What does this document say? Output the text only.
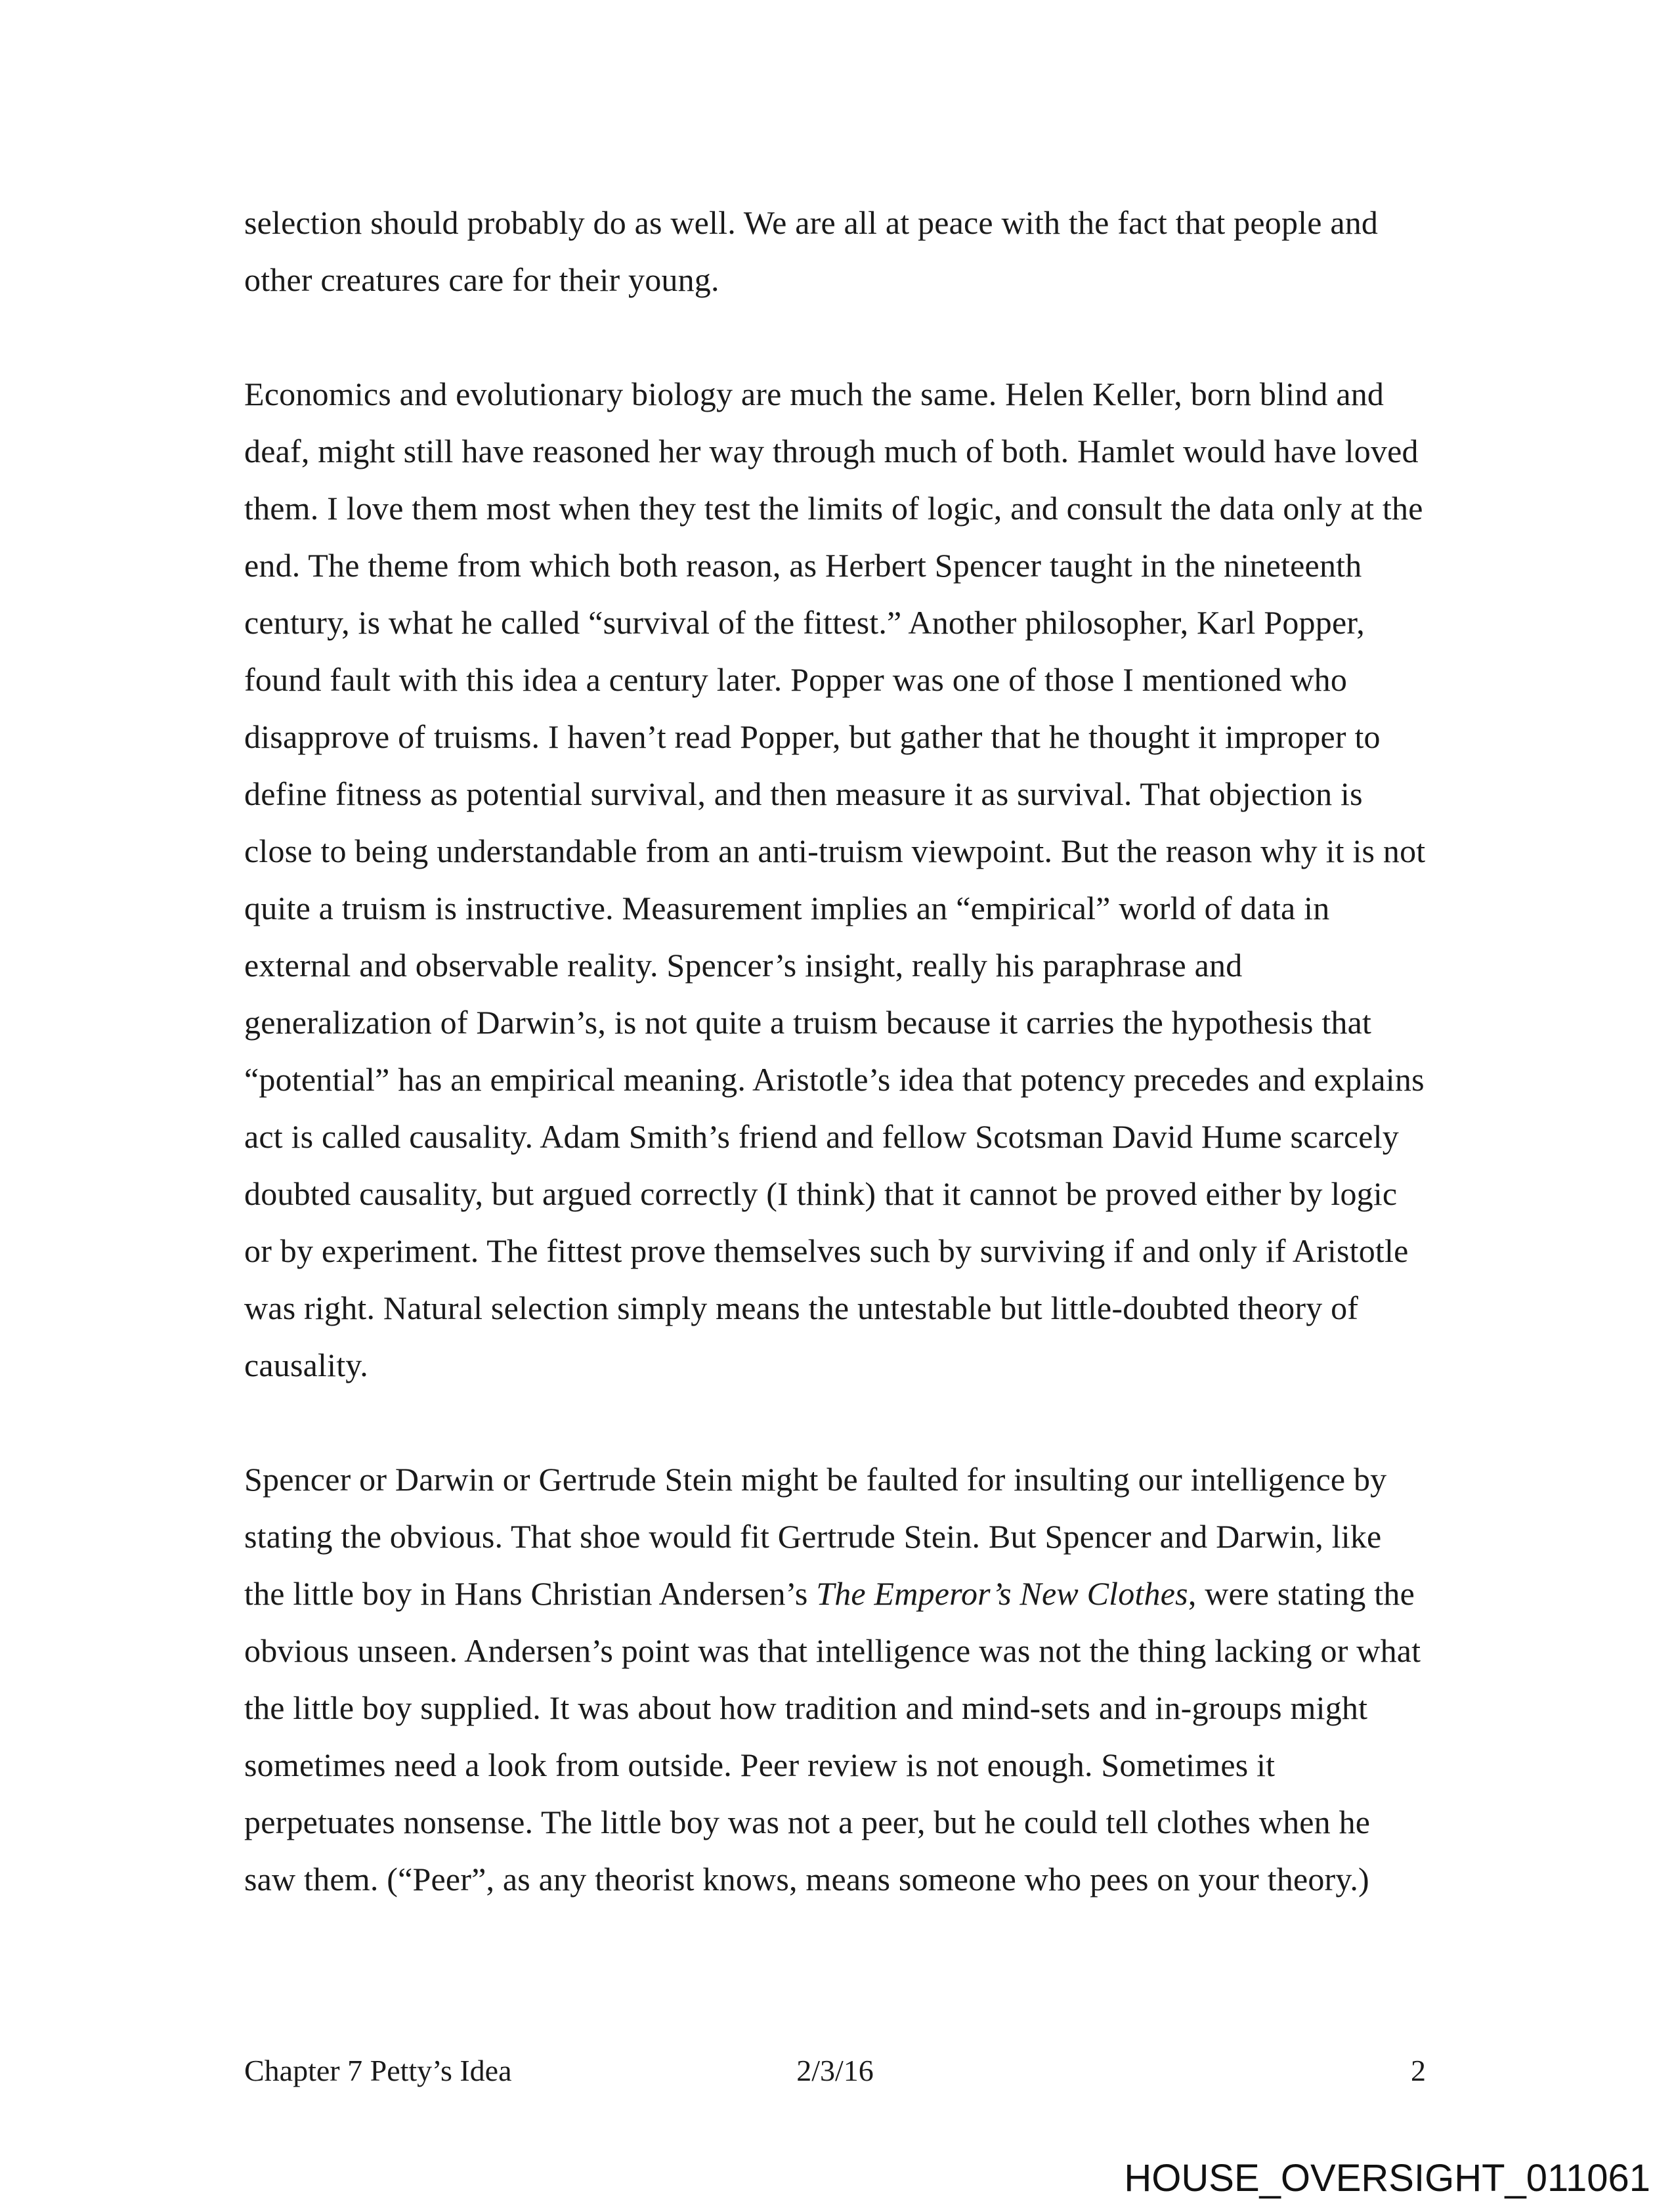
selection should probably do as well. We are all at peace with the fact that people and other creatures care for their young.

Economics and evolutionary biology are much the same. Helen Keller, born blind and deaf, might still have reasoned her way through much of both. Hamlet would have loved them. I love them most when they test the limits of logic, and consult the data only at the end. The theme from which both reason, as Herbert Spencer taught in the nineteenth century, is what he called “survival of the fittest.” Another philosopher, Karl Popper, found fault with this idea a century later. Popper was one of those I mentioned who disapprove of truisms. I haven’t read Popper, but gather that he thought it improper to define fitness as potential survival, and then measure it as survival. That objection is close to being understandable from an anti-truism viewpoint. But the reason why it is not quite a truism is instructive. Measurement implies an “empirical” world of data in external and observable reality. Spencer’s insight, really his paraphrase and generalization of Darwin’s, is not quite a truism because it carries the hypothesis that “potential” has an empirical meaning. Aristotle’s idea that potency precedes and explains act is called causality. Adam Smith’s friend and fellow Scotsman David Hume scarcely doubted causality, but argued correctly (I think) that it cannot be proved either by logic or by experiment. The fittest prove themselves such by surviving if and only if Aristotle was right. Natural selection simply means the untestable but little-doubted theory of causality.

Spencer or Darwin or Gertrude Stein might be faulted for insulting our intelligence by stating the obvious. That shoe would fit Gertrude Stein. But Spencer and Darwin, like the little boy in Hans Christian Andersen’s The Emperor’s New Clothes, were stating the obvious unseen. Andersen’s point was that intelligence was not the thing lacking or what the little boy supplied. It was about how tradition and mind-sets and in-groups might sometimes need a look from outside. Peer review is not enough. Sometimes it perpetuates nonsense. The little boy was not a peer, but he could tell clothes when he saw them. (“Peer”, as any theorist knows, means someone who pees on your theory.)

Chapter 7 Petty’s Idea	2/3/16	2
HOUSE_OVERSIGHT_011061
